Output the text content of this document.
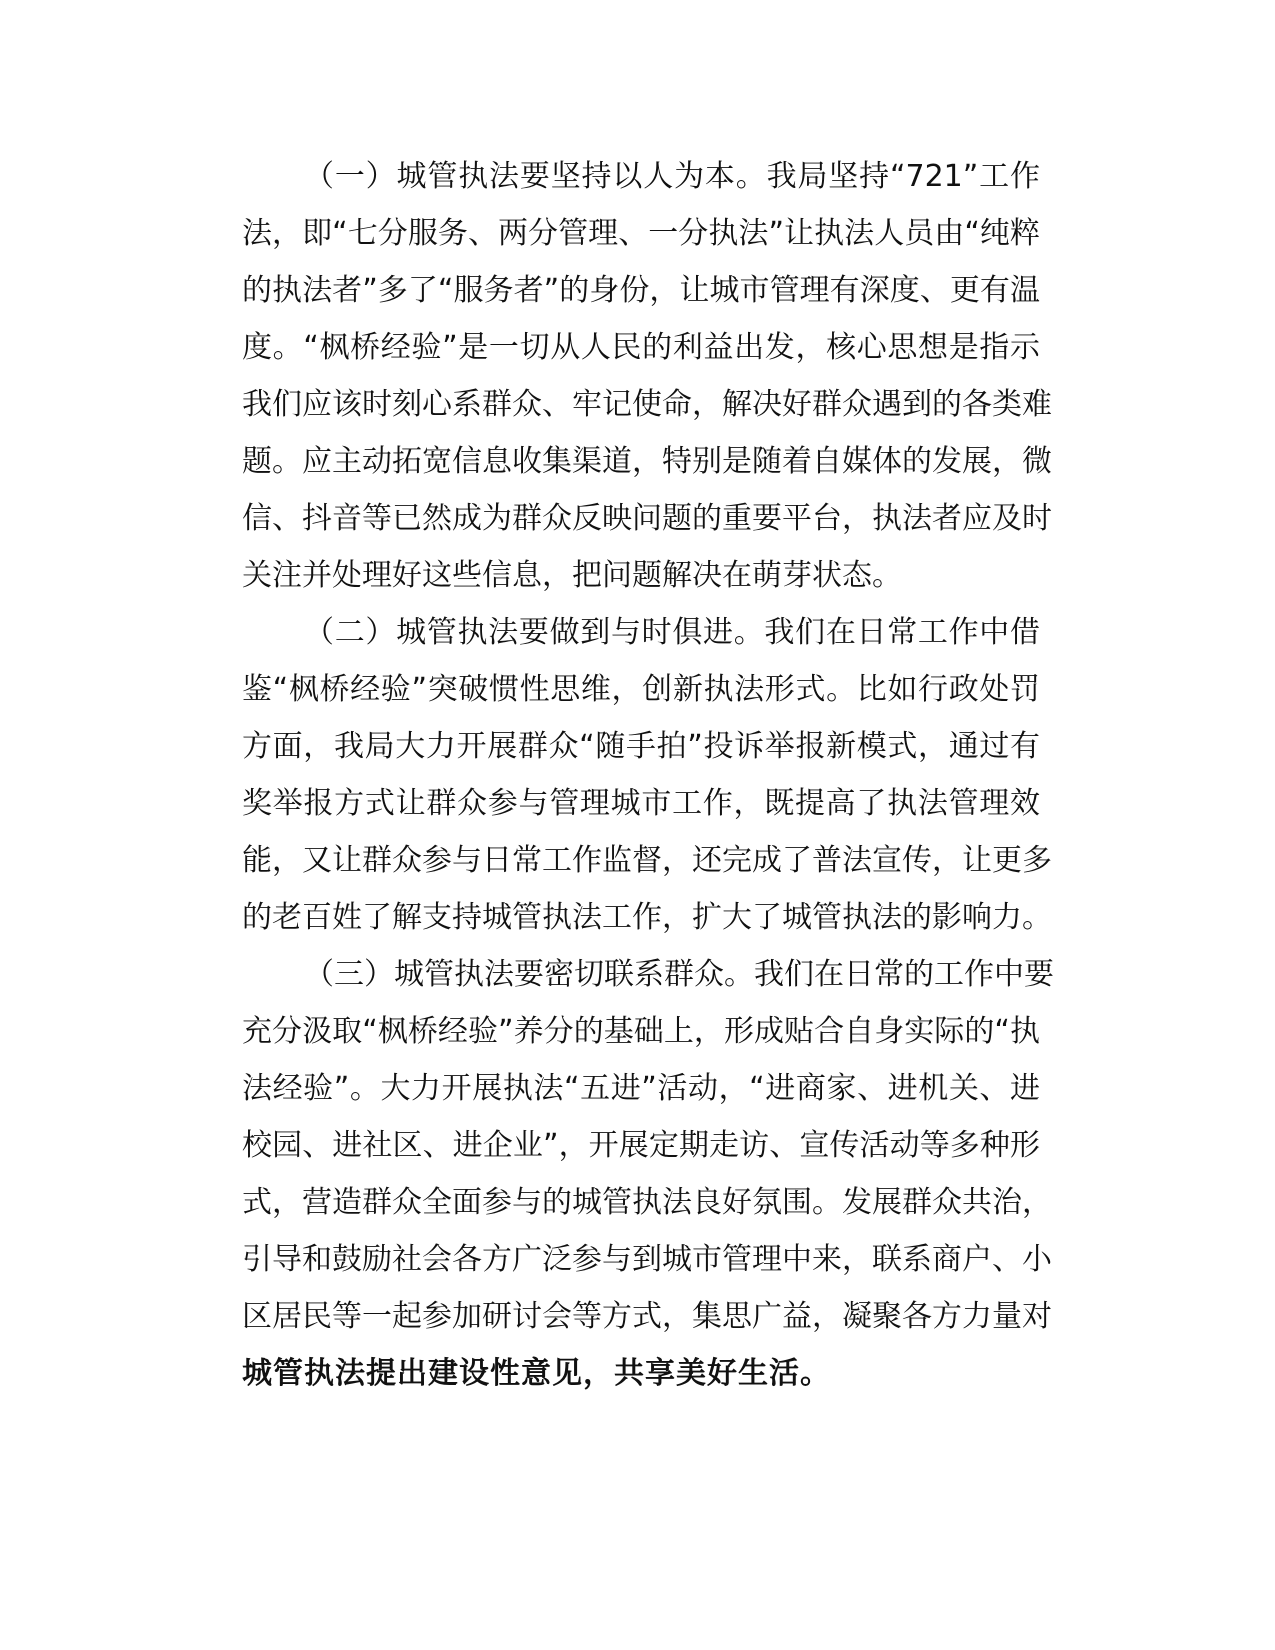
（一）城管执法要坚持以人为本。我局坚持“721”工作
法，即“七分服务、两分管理、一分执法”让执法人员由“纯粹
的执法者”多了“服务者”的身份，让城市管理有深度、更有温
度。“枫桥经验”是一切从人民的利益出发，核心思想是指示
我们应该时刻心系群众、牢记使命，解决好群众遇到的各类难
题。应主动拓宽信息收集渠道，特别是随着自媒体的发展，微
信、抖音等已然成为群众反映问题的重要平台，执法者应及时
关注并处理好这些信息，把问题解决在萌芽状态。
（二）城管执法要做到与时俱进。我们在日常工作中借
鉴“枫桥经验”突破惯性思维，创新执法形式。比如行政处罚
方面，我局大力开展群众“随手拍”投诉举报新模式，通过有
奖举报方式让群众参与管理城市工作，既提高了执法管理效
能，又让群众参与日常工作监督，还完成了普法宣传，让更多
的老百姓了解支持城管执法工作，扩大了城管执法的影响力。
（三）城管执法要密切联系群众。我们在日常的工作中要
充分汲取“枫桥经验”养分的基础上，形成贴合自身实际的“执
法经验”。大力开展执法“五进”活动，“进商家、进机关、进
校园、进社区、进企业”，开展定期走访、宣传活动等多种形
式，营造群众全面参与的城管执法良好氛围。发展群众共治，
引导和鼓励社会各方广泛参与到城市管理中来，联系商户、小
区居民等一起参加研讨会等方式，集思广益，凝聚各方力量对
城管执法提出建设性意见，共享美好生活。
